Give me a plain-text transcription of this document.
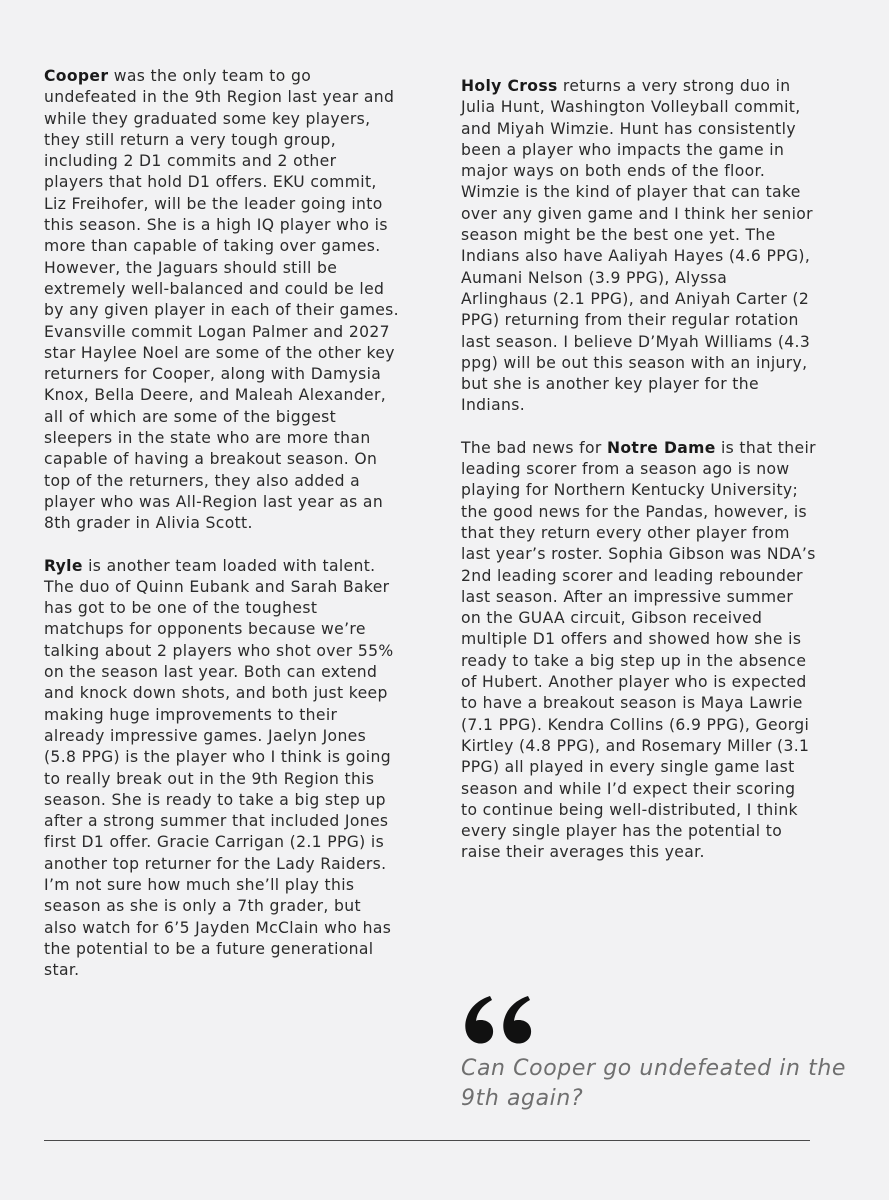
Cooper was the only team to go undefeated in the 9th Region last year and while they graduated some key players, they still return a very tough group, including 2 D1 commits and 2 other players that hold D1 offers. EKU commit, Liz Freihofer, will be the leader going into this season. She is a high IQ player who is more than capable of taking over games. However, the Jaguars should still be extremely well-balanced and could be led by any given player in each of their games. Evansville commit Logan Palmer and 2027 star Haylee Noel are some of the other key returners for Cooper, along with Damysia Knox, Bella Deere, and Maleah Alexander, all of which are some of the biggest sleepers in the state who are more than capable of having a breakout season. On top of the returners, they also added a player who was All-Region last year as an 8th grader in Alivia Scott.

Ryle is another team loaded with talent. The duo of Quinn Eubank and Sarah Baker has got to be one of the toughest matchups for opponents because we’re talking about 2 players who shot over 55% on the season last year. Both can extend and knock down shots, and both just keep making huge improvements to their already impressive games. Jaelyn Jones (5.8 PPG) is the player who I think is going to really break out in the 9th Region this season. She is ready to take a big step up after a strong summer that included Jones first D1 offer. Gracie Carrigan (2.1 PPG) is another top returner for the Lady Raiders. I’m not sure how much she’ll play this season as she is only a 7th grader, but also watch for 6’5 Jayden McClain who has the potential to be a future generational star.

Holy Cross returns a very strong duo in Julia Hunt, Washington Volleyball commit, and Miyah Wimzie. Hunt has consistently been a player who impacts the game in major ways on both ends of the floor. Wimzie is the kind of player that can take over any given game and I think her senior season might be the best one yet. The Indians also have Aaliyah Hayes (4.6 PPG), Aumani Nelson (3.9 PPG), Alyssa Arlinghaus (2.1 PPG), and Aniyah Carter (2 PPG) returning from their regular rotation last season. I believe D’Myah Williams (4.3 ppg) will be out this season with an injury, but she is another key player for the Indians.

The bad news for Notre Dame is that their leading scorer from a season ago is now playing for Northern Kentucky University; the good news for the Pandas, however, is that they return every other player from last year’s roster. Sophia Gibson was NDA’s 2nd leading scorer and leading rebounder last season. After an impressive summer on the GUAA circuit, Gibson received multiple D1 offers and showed how she is ready to take a big step up in the absence of Hubert. Another player who is expected to have a breakout season is Maya Lawrie (7.1 PPG). Kendra Collins (6.9 PPG), Georgi Kirtley (4.8 PPG), and Rosemary Miller (3.1 PPG) all played in every single game last season and while I’d expect their scoring to continue being well-distributed, I think every single player has the potential to raise their averages this year.

Can Cooper go undefeated in the 9th again?
